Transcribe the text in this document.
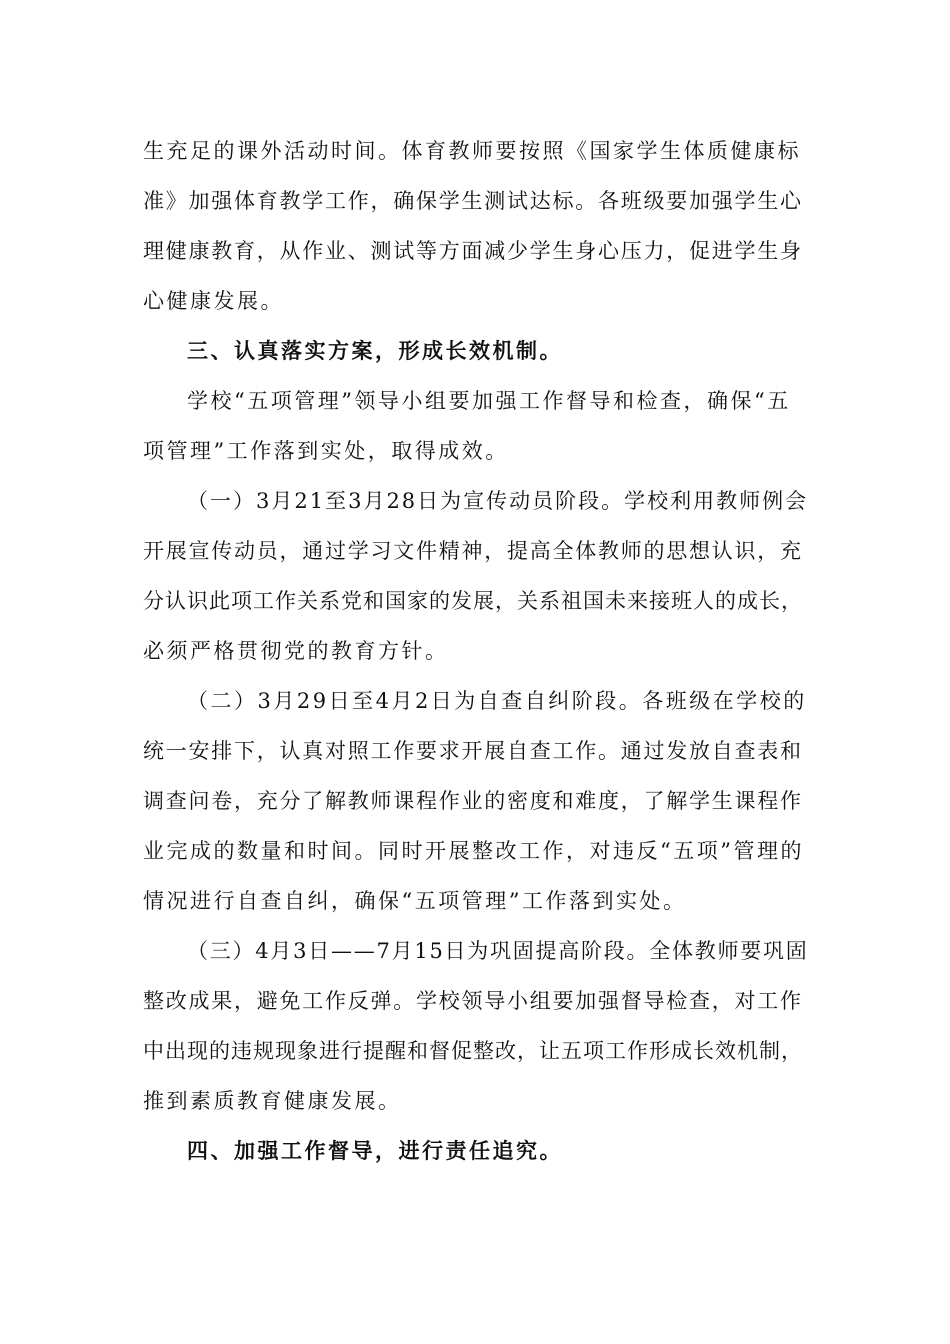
生充足的课外活动时间。体育教师要按照《国家学生体质健康标
准》加强体育教学工作，确保学生测试达标。各班级要加强学生心
理健康教育，从作业、测试等方面减少学生身心压力，促进学生身
心健康发展。
三、认真落实方案，形成长效机制。
学校“五项管理”领导小组要加强工作督导和检查，确保“五
项管理”工作落到实处，取得成效。
（一）3月21至3月28日为宣传动员阶段。学校利用教师例会
开展宣传动员，通过学习文件精神，提高全体教师的思想认识，充
分认识此项工作关系党和国家的发展，关系祖国未来接班人的成长，
必须严格贯彻党的教育方针。
（二）3月29日至4月2日为自查自纠阶段。各班级在学校的
统一安排下，认真对照工作要求开展自查工作。通过发放自查表和
调查问卷，充分了解教师课程作业的密度和难度，了解学生课程作
业完成的数量和时间。同时开展整改工作，对违反“五项”管理的
情况进行自查自纠，确保“五项管理”工作落到实处。
（三）4月3日——7月15日为巩固提高阶段。全体教师要巩固
整改成果，避免工作反弹。学校领导小组要加强督导检查，对工作
中出现的违规现象进行提醒和督促整改，让五项工作形成长效机制，
推到素质教育健康发展。
四、加强工作督导，进行责任追究。
